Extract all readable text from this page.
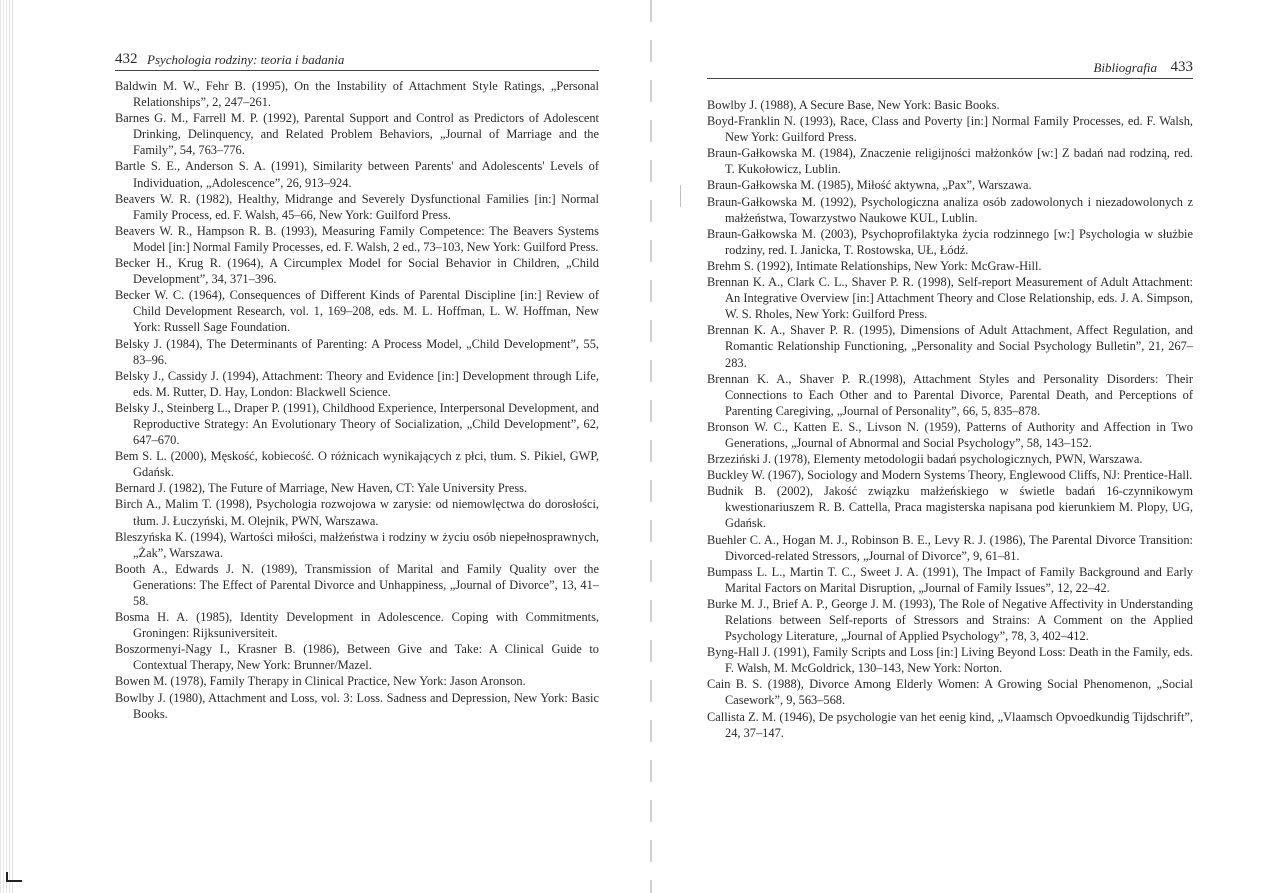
432 Psychologia rodziny: teoria i badania
Baldwin M. W., Fehr B. (1995), On the Instability of Attachment Style Ratings, „Personal Relationships”, 2, 247–261.
Barnes G. M., Farrell M. P. (1992), Parental Support and Control as Predictors of Adolescent Drinking, Delinquency, and Related Problem Behaviors, „Journal of Marriage and the Family”, 54, 763–776.
Bartle S. E., Anderson S. A. (1991), Similarity between Parents' and Adolescents' Levels of Individuation, „Adolescence”, 26, 913–924.
Beavers W. R. (1982), Healthy, Midrange and Severely Dysfunctional Families [in:] Normal Family Process, ed. F. Walsh, 45–66, New York: Guilford Press.
Beavers W. R., Hampson R. B. (1993), Measuring Family Competence: The Beavers Systems Model [in:] Normal Family Processes, ed. F. Walsh, 2 ed., 73–103, New York: Guilford Press.
Becker H., Krug R. (1964), A Circumplex Model for Social Behavior in Children, „Child Development”, 34, 371–396.
Becker W. C. (1964), Consequences of Different Kinds of Parental Discipline [in:] Review of Child Development Research, vol. 1, 169–208, eds. M. L. Hoffman, L. W. Hoffman, New York: Russell Sage Foundation.
Belsky J. (1984), The Determinants of Parenting: A Process Model, „Child Development”, 55, 83–96.
Belsky J., Cassidy J. (1994), Attachment: Theory and Evidence [in:] Development through Life, eds. M. Rutter, D. Hay, London: Blackwell Science.
Belsky J., Steinberg L., Draper P. (1991), Childhood Experience, Interpersonal Development, and Reproductive Strategy: An Evolutionary Theory of Socialization, „Child Development”, 62, 647–670.
Bem S. L. (2000), Męskość, kobiecość. O różnicach wynikających z płci, tłum. S. Pikiel, GWP, Gdańsk.
Bernard J. (1982), The Future of Marriage, New Haven, CT: Yale University Press.
Birch A., Malim T. (1998), Psychologia rozwojowa w zarysie: od niemowlęctwa do dorosłości, tłum. J. Łuczyński, M. Olejnik, PWN, Warszawa.
Bleszyńska K. (1994), Wartości miłości, małżeństwa i rodziny w życiu osób niepełnosprawnych, „Żak”, Warszawa.
Booth A., Edwards J. N. (1989), Transmission of Marital and Family Quality over the Generations: The Effect of Parental Divorce and Unhappiness, „Journal of Divorce”, 13, 41–58.
Bosma H. A. (1985), Identity Development in Adolescence. Coping with Commitments, Groningen: Rijksuniversiteit.
Boszormenyi-Nagy I., Krasner B. (1986), Between Give and Take: A Clinical Guide to Contextual Therapy, New York: Brunner/Mazel.
Bowen M. (1978), Family Therapy in Clinical Practice, New York: Jason Aronson.
Bowlby J. (1980), Attachment and Loss, vol. 3: Loss. Sadness and Depression, New York: Basic Books.
Bibliografia 433
Bowlby J. (1988), A Secure Base, New York: Basic Books.
Boyd-Franklin N. (1993), Race, Class and Poverty [in:] Normal Family Processes, ed. F. Walsh, New York: Guilford Press.
Braun-Gałkowska M. (1984), Znaczenie religijności małżonków [w:] Z badań nad rodziną, red. T. Kukołowicz, Lublin.
Braun-Gałkowska M. (1985), Miłość aktywna, „Pax”, Warszawa.
Braun-Gałkowska M. (1992), Psychologiczna analiza osób zadowolonych i niezadowolonych z małżeństwa, Towarzystwo Naukowe KUL, Lublin.
Braun-Gałkowska M. (2003), Psychoprofilaktyka życia rodzinnego [w:] Psychologia w służbie rodziny, red. I. Janicka, T. Rostowska, UŁ, Łódź.
Brehm S. (1992), Intimate Relationships, New York: McGraw-Hill.
Brennan K. A., Clark C. L., Shaver P. R. (1998), Self-report Measurement of Adult Attachment: An Integrative Overview [in:] Attachment Theory and Close Relationship, eds. J. A. Simpson, W. S. Rholes, New York: Guilford Press.
Brennan K. A., Shaver P. R. (1995), Dimensions of Adult Attachment, Affect Regulation, and Romantic Relationship Functioning, „Personality and Social Psychology Bulletin”, 21, 267–283.
Brennan K. A., Shaver P. R.(1998), Attachment Styles and Personality Disorders: Their Connections to Each Other and to Parental Divorce, Parental Death, and Perceptions of Parenting Caregiving, „Journal of Personality”, 66, 5, 835–878.
Bronson W. C., Katten E. S., Livson N. (1959), Patterns of Authority and Affection in Two Generations, „Journal of Abnormal and Social Psychology”, 58, 143–152.
Brzeziński J. (1978), Elementy metodologii badań psychologicznych, PWN, Warszawa.
Buckley W. (1967), Sociology and Modern Systems Theory, Englewood Cliffs, NJ: Prentice-Hall.
Budnik B. (2002), Jakość związku małżeńskiego w świetle badań 16-czynnikowym kwestionariuszem R. B. Cattella, Praca magisterska napisana pod kierunkiem M. Plopy, UG, Gdańsk.
Buehler C. A., Hogan M. J., Robinson B. E., Levy R. J. (1986), The Parental Divorce Transition: Divorced-related Stressors, „Journal of Divorce”, 9, 61–81.
Bumpass L. L., Martin T. C., Sweet J. A. (1991), The Impact of Family Background and Early Marital Factors on Marital Disruption, „Journal of Family Issues”, 12, 22–42.
Burke M. J., Brief A. P., George J. M. (1993), The Role of Negative Affectivity in Understanding Relations between Self-reports of Stressors and Strains: A Comment on the Applied Psychology Literature, „Journal of Applied Psychology”, 78, 3, 402–412.
Byng-Hall J. (1991), Family Scripts and Loss [in:] Living Beyond Loss: Death in the Family, eds. F. Walsh, M. McGoldrick, 130–143, New York: Norton.
Cain B. S. (1988), Divorce Among Elderly Women: A Growing Social Phenomenon, „Social Casework”, 9, 563–568.
Callista Z. M. (1946), De psychologie van het eenig kind, „Vlaamsch Opvoedkundig Tijdschrift”, 24, 37–147.
